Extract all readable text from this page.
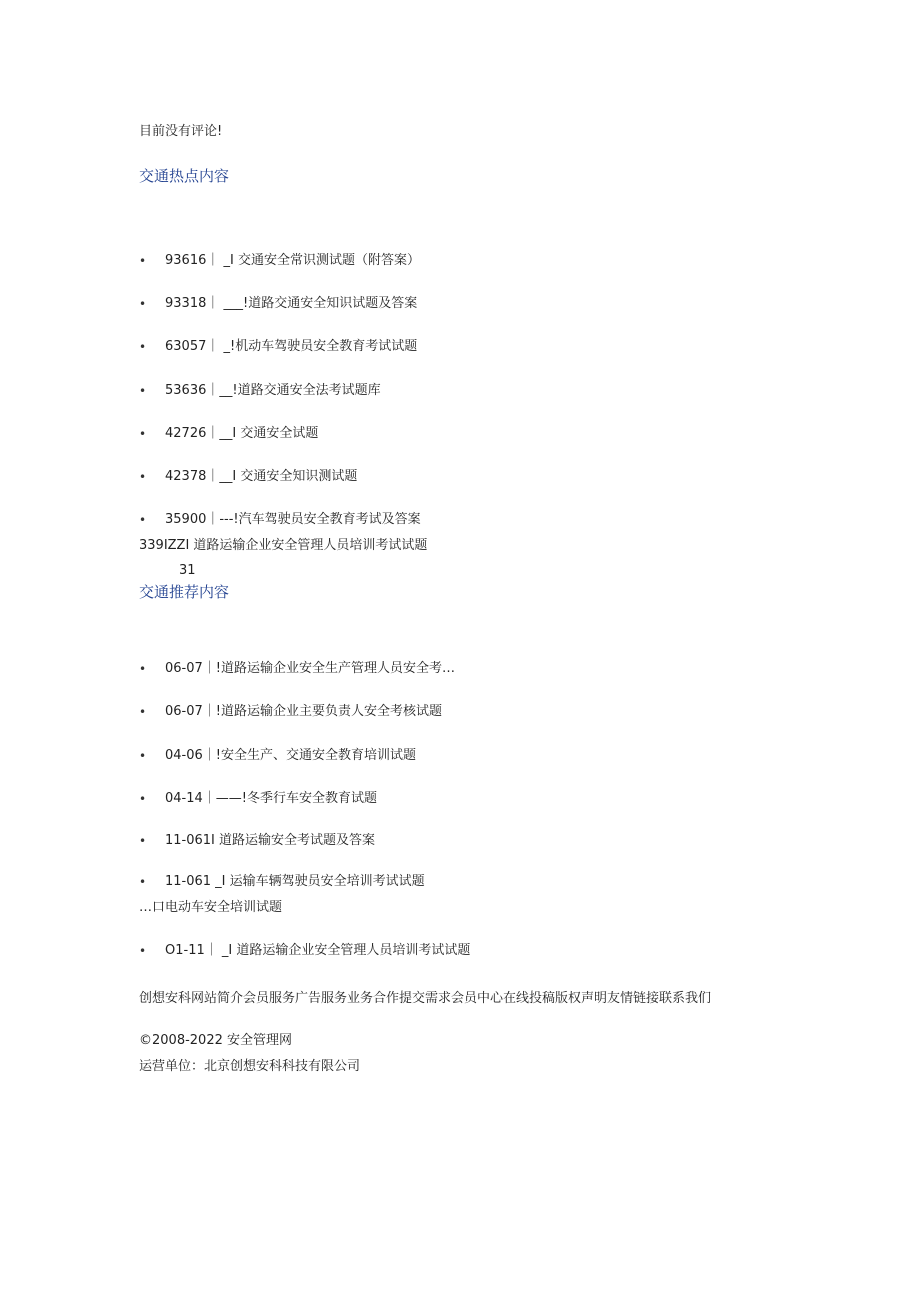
目前没有评论!
交通热点内容
• 93616｜ _I 交通安全常识测试题（附答案）
• 93318｜ ___!道路交通安全知识试题及答案
• 63057｜ _!机动车驾驶员安全教育考试试题
• 53636｜__!道路交通安全法考试题库
• 42726｜__I 交通安全试题
• 42378｜__I 交通安全知识测试题
• 35900｜---!汽车驾驶员安全教育考试及答案
339IZZI 道路运输企业安全管理人员培训考试试题
31
交通推荐内容
• 06-07｜!道路运输企业安全生产管理人员安全考…
• 06-07｜!道路运输企业主要负责人安全考核试题
• 04-06｜!安全生产、交通安全教育培训试题
• 04-14｜——!冬季行车安全教育试题
• 11-061I 道路运输安全考试题及答案
• 11-061 _I 运输车辆驾驶员安全培训考试试题
…口电动车安全培训试题
• O1-11｜ _I 道路运输企业安全管理人员培训考试试题
创想安科网站简介会员服务广告服务业务合作提交需求会员中心在线投稿版权声明友情链接联系我们
©2008-2022 安全管理网
运营单位：北京创想安科科技有限公司
